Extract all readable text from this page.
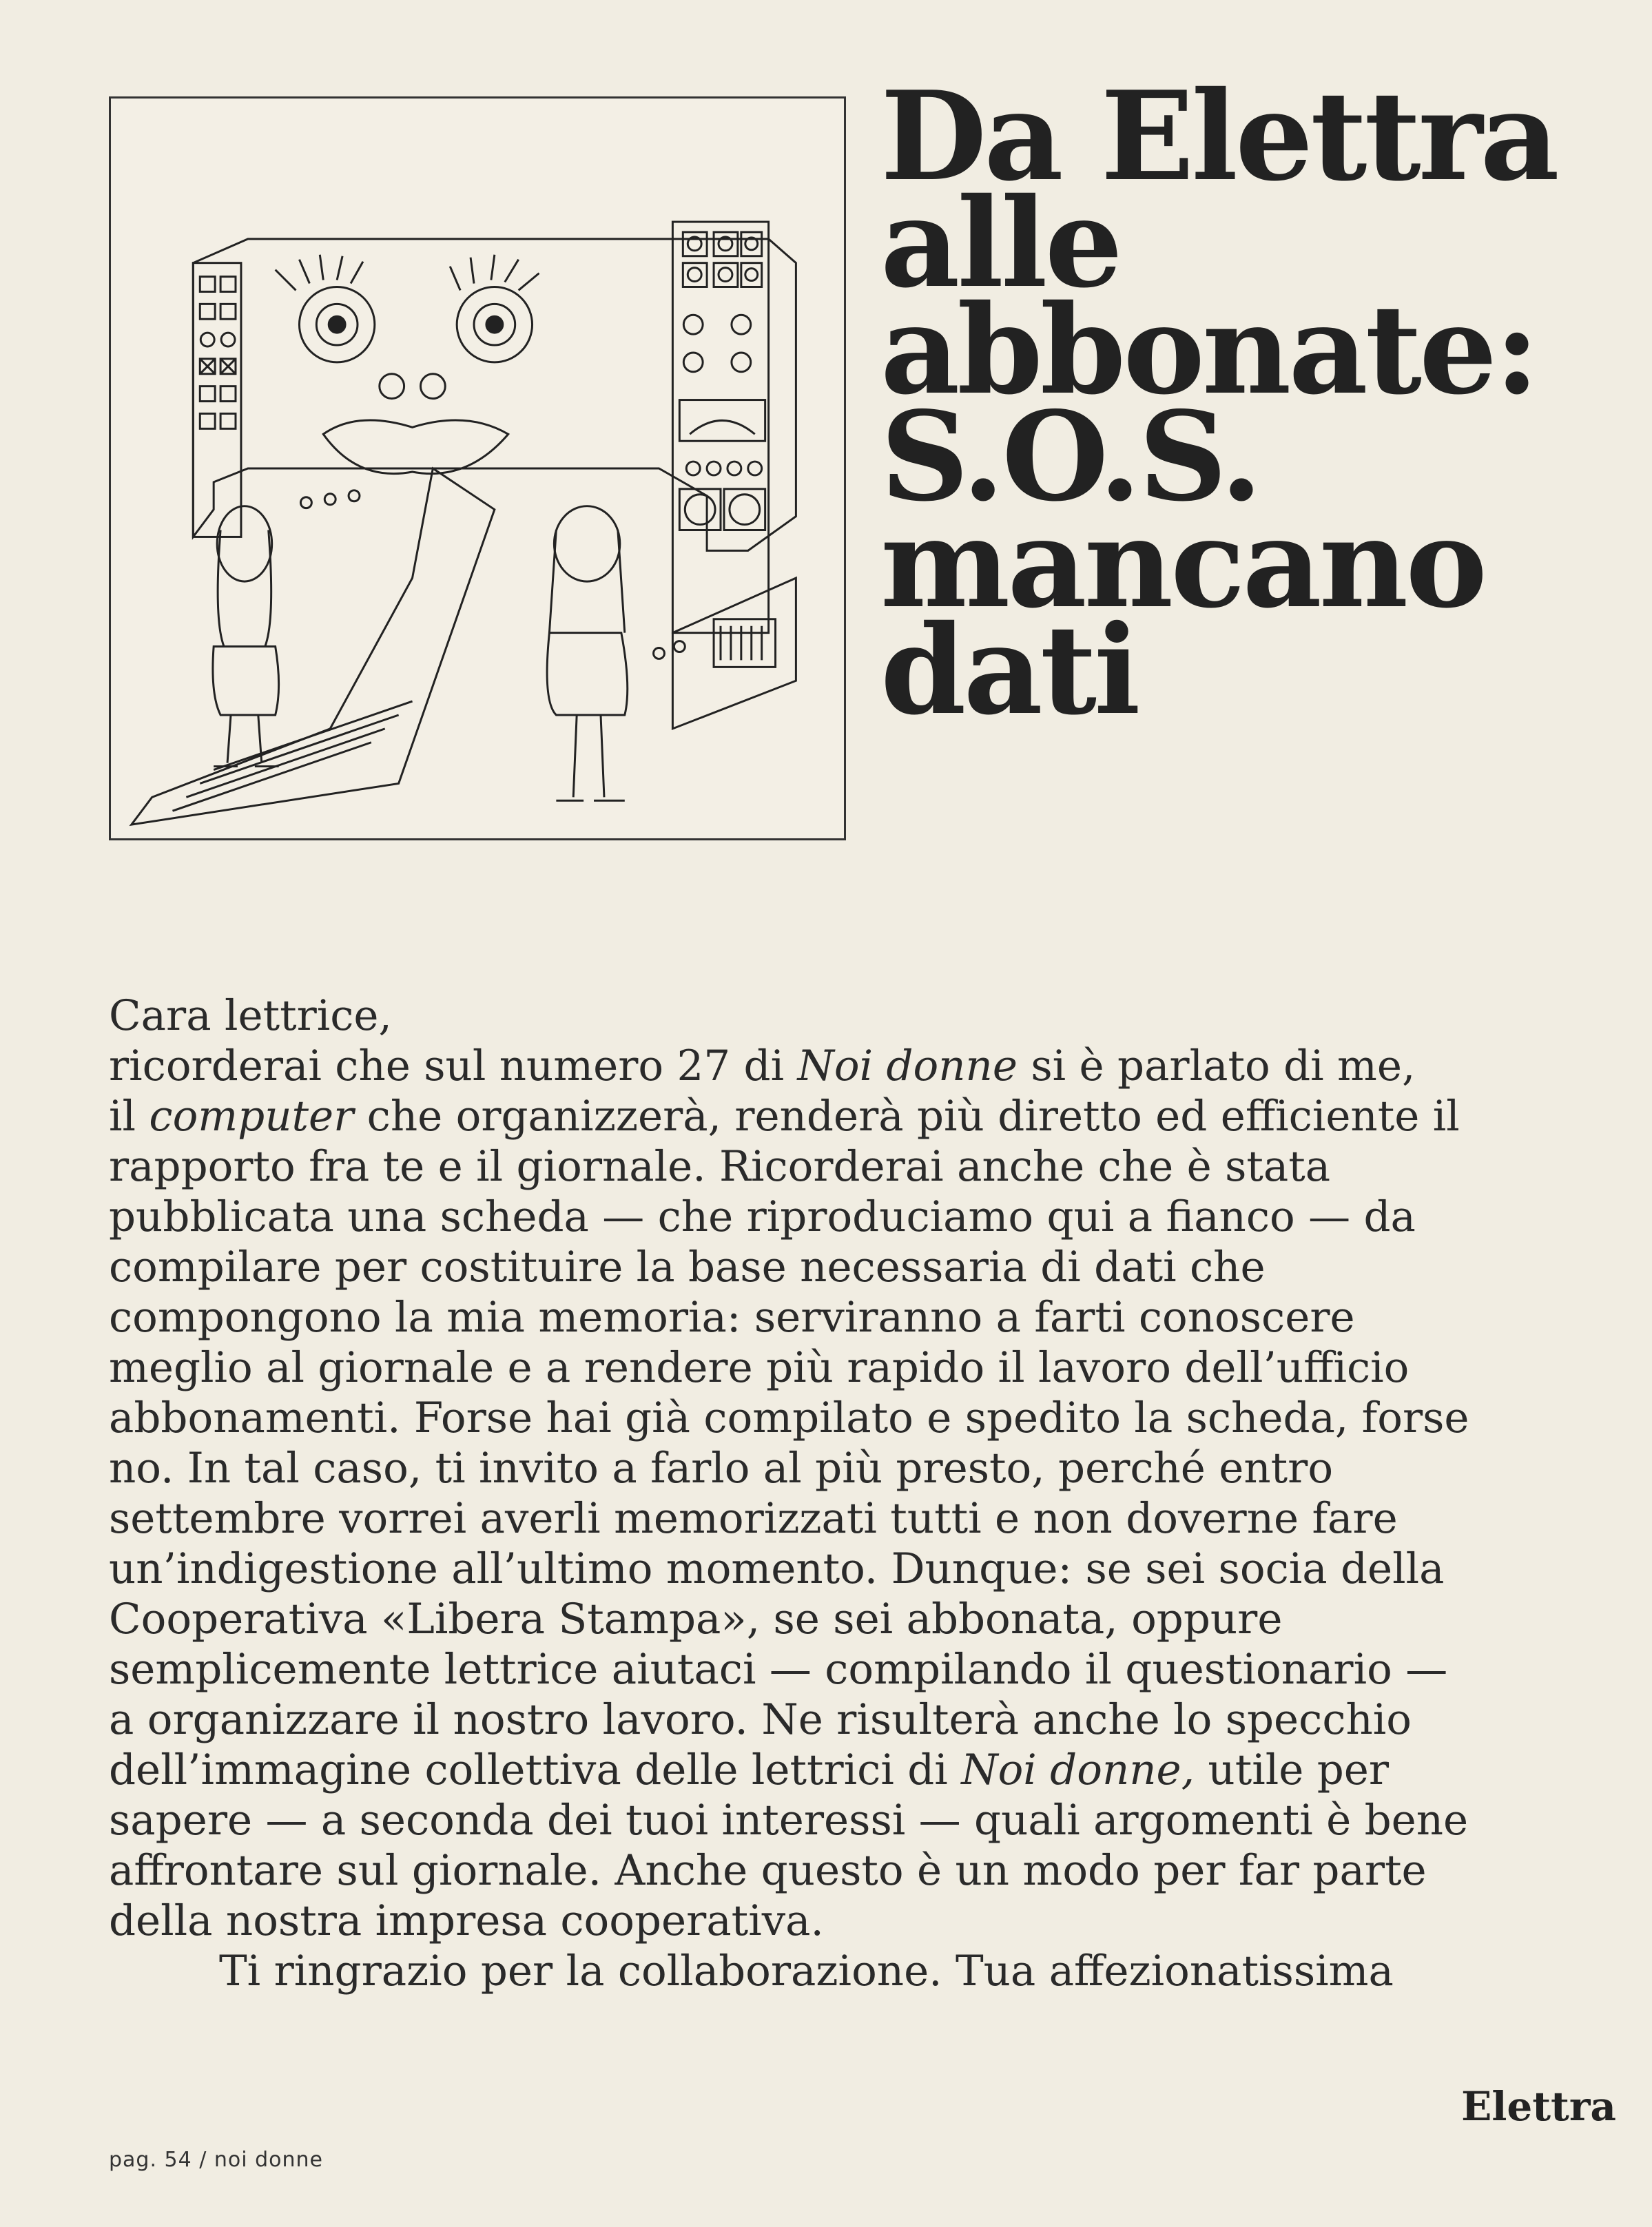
Da Elettra
alle
abbonate:
S.O.S.
mancano
dati
Cara lettrice,
ricorderai che sul numero 27 di Noi donne si è parlato di me,
il computer che organizzerà, renderà più diretto ed efficiente il
rapporto fra te e il giornale. Ricorderai anche che è stata
pubblicata una scheda — che riproduciamo qui a fianco — da
compilare per costituire la base necessaria di dati che
compongono la mia memoria: serviranno a farti conoscere
meglio al giornale e a rendere più rapido il lavoro dell’ufficio
abbonamenti. Forse hai già compilato e spedito la scheda, forse
no. In tal caso, ti invito a farlo al più presto, perché entro
settembre vorrei averli memorizzati tutti e non doverne fare
un’indigestione all’ultimo momento. Dunque: se sei socia della
Cooperativa «Libera Stampa», se sei abbonata, oppure
semplicemente lettrice aiutaci — compilando il questionario —
a organizzare il nostro lavoro. Ne risulterà anche lo specchio
dell’immagine collettiva delle lettrici di Noi donne, utile per
sapere — a seconda dei tuoi interessi — quali argomenti è bene
affrontare sul giornale. Anche questo è un modo per far parte
della nostra impresa cooperativa.
Ti ringrazio per la collaborazione. Tua affezionatissima
Elettra
pag. 54 / noi donne
